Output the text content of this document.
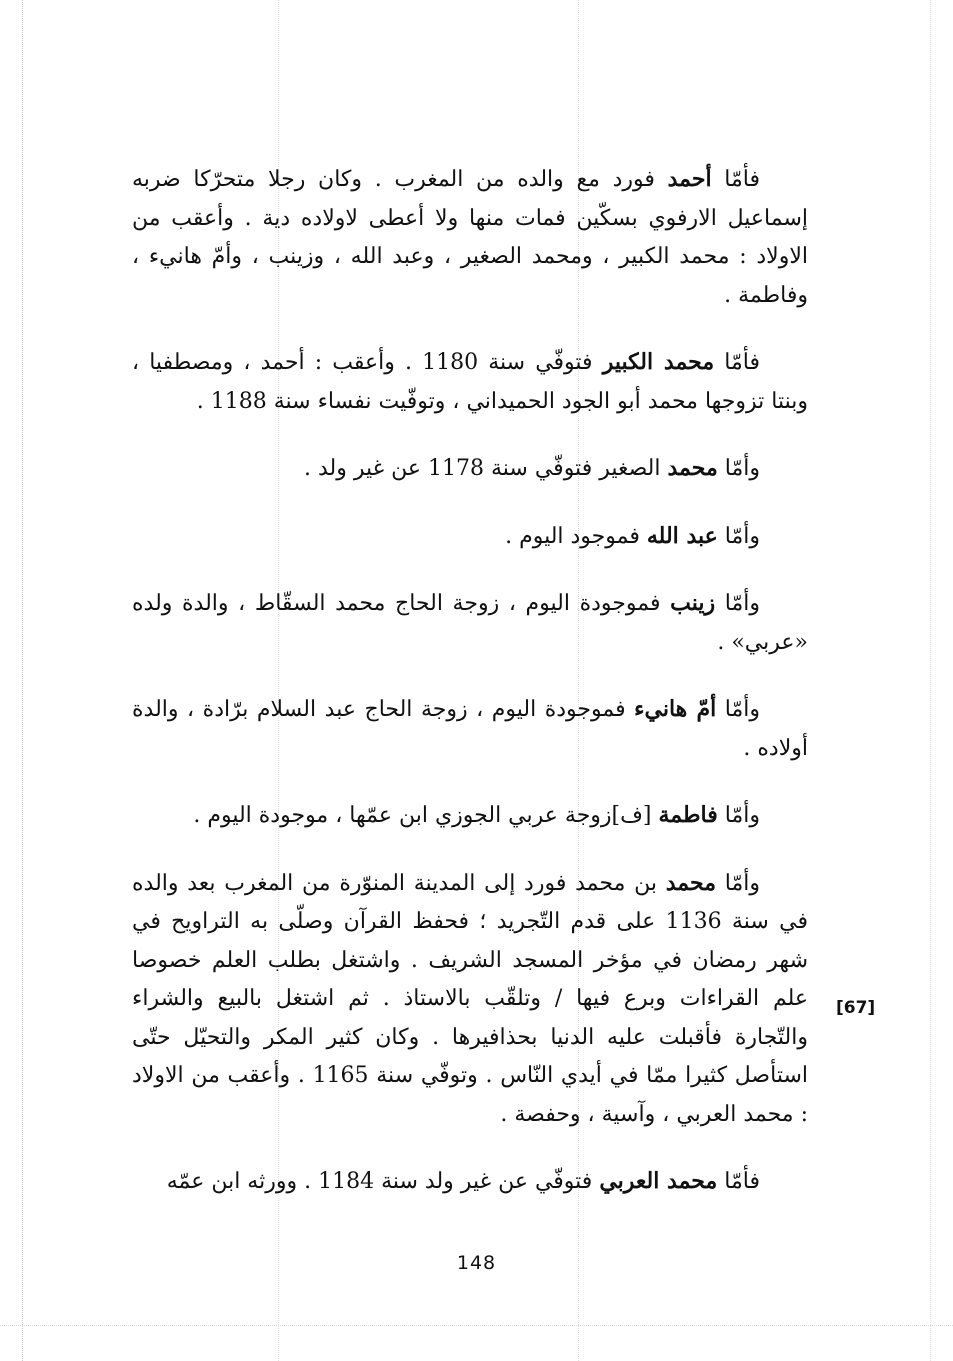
فأمّا أحمد فورد مع والده من المغرب . وكان رجلا متحرّكا ضربه إسماعيل الارفوي بسكّين فمات منها ولا أعطى لاولاده دية . وأعقب من الاولاد : محمد الكبير ، ومحمد الصغير ، وعبد الله ، وزينب ، وأمّ هانيء ، وفاطمة .

فأمّا محمد الكبير فتوفّي سنة 1180 . وأعقب : أحمد ، ومصطفيا ، وبنتا تزوجها محمد أبو الجود الحميداني ، وتوفّيت نفساء سنة 1188 .

وأمّا محمد الصغير فتوفّي سنة 1178 عن غير ولد .

وأمّا عبد الله فموجود اليوم .

وأمّا زينب فموجودة اليوم ، زوجة الحاج محمد السقّاط ، والدة ولده «عربي» .

وأمّا أمّ هانيء فموجودة اليوم ، زوجة الحاج عبد السلام برّادة ، والدة أولاده .

وأمّا فاطمة [ف]زوجة عربي الجوزي ابن عمّها ، موجودة اليوم .

وأمّا محمد بن محمد فورد إلى المدينة المنوّرة من المغرب بعد والده في سنة 1136 على قدم التّجريد ؛ فحفظ القرآن وصلّى به التراويح في شهر رمضان في مؤخر المسجد الشريف . واشتغل بطلب العلم خصوصا علم القراءات وبرع فيها / وتلقّب بالاستاذ . ثم اشتغل بالبيع والشراء والتّجارة فأقبلت عليه الدنيا بحذافيرها . وكان كثير المكر والتحيّل حتّى استأصل كثيرا ممّا في أيدي النّاس . وتوفّي سنة 1165 . وأعقب من الاولاد : محمد العربي ، وآسية ، وحفصة .

فأمّا محمد العربي فتوفّي عن غير ولد سنة 1184 . وورثه ابن عمّه

[67]
148
